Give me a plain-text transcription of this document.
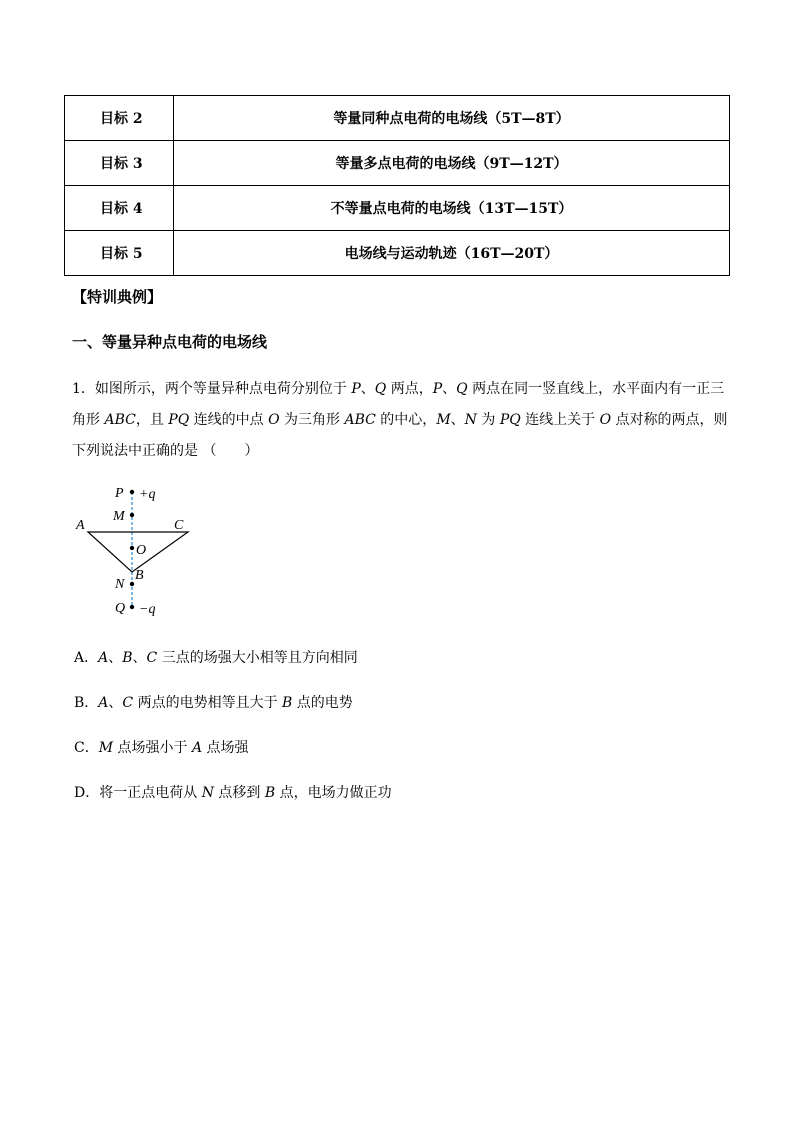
目标 2	等量同种点电荷的电场线（5T—8T）
目标 3	等量多点电荷的电场线（9T—12T）
目标 4	不等量点电荷的电场线（13T—15T）
目标 5	电场线与运动轨迹（16T—20T）
【特训典例】
一、等量异种点电荷的电场线
1．如图所示，两个等量异种点电荷分别位于 P、Q 两点，P、Q 两点在同一竖直线上，水平面内有一正三角形 ABC，且 PQ 连线的中点 O 为三角形 ABC 的中心，M、N 为 PQ 连线上关于 O 点对称的两点，则下列说法中正确的是 （　　）
P +q
M
A	C
O
B
N
Q −q
A．A、B、C 三点的场强大小相等且方向相同
B．A、C 两点的电势相等且大于 B 点的电势
C．M 点场强小于 A 点场强
D．将一正点电荷从 N 点移到 B 点，电场力做正功
